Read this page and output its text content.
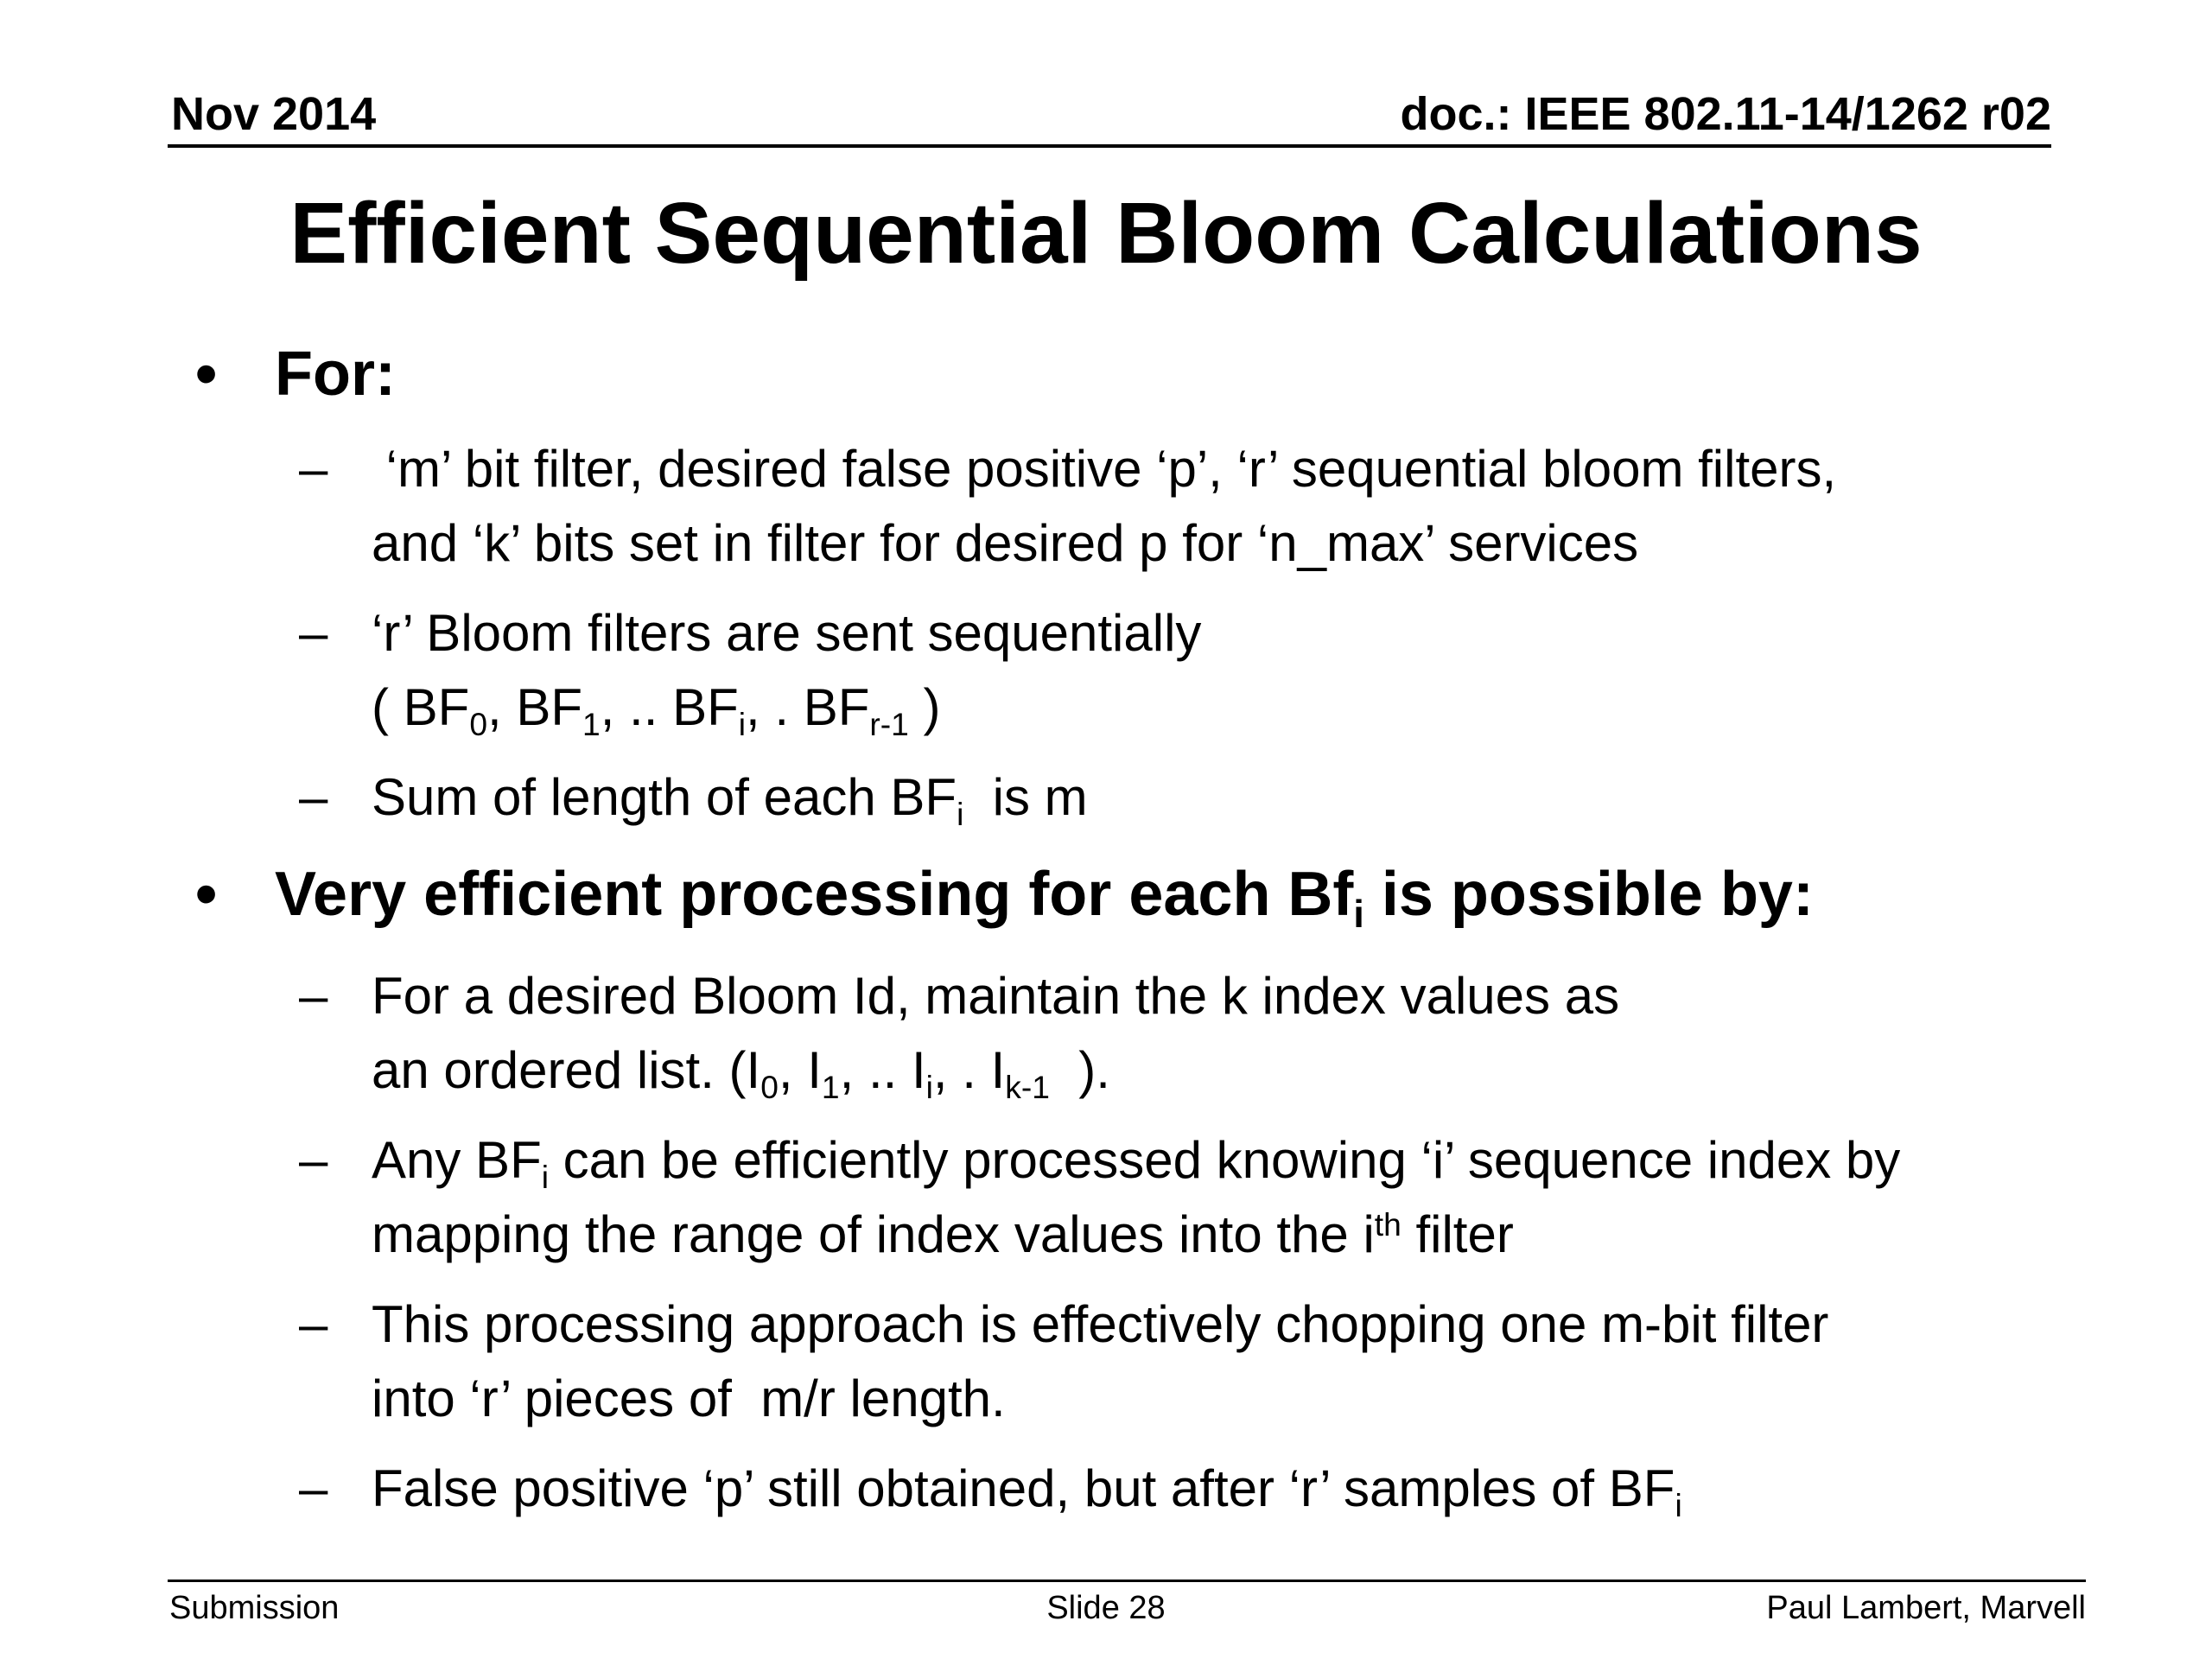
Nov 2014	doc.: IEEE 802.11-14/1262 r02
Efficient Sequential Bloom Calculations
• For:
– ‘m’ bit filter, desired false positive ‘p’, ‘r’ sequential bloom filters,
and ‘k’ bits set in filter for desired p for ‘n_max’ services
– ‘r’ Bloom filters are sent sequentially
( $BF_0$, $BF_1$, .. $BF_i$, . $BF_{r-1}$ )
– Sum of length of each $BF_i$  is m
• Very efficient processing for each $Bf_i$ is possible by:
– For a desired Bloom Id, maintain the k index values as
an ordered list. ($I_0$, $I_1$, .. $I_i$, . $I_{k-1}$  ).
– Any $BF_i$ can be efficiently processed knowing ‘i’ sequence index by
mapping the range of index values into the $i^{th}$ filter
– This processing approach is effectively chopping one m-bit filter
into ‘r’ pieces of  m/r length.
– False positive ‘p’ still obtained, but after ‘r’ samples of $BF_i$
Submission	Slide 28	Paul Lambert, Marvell
